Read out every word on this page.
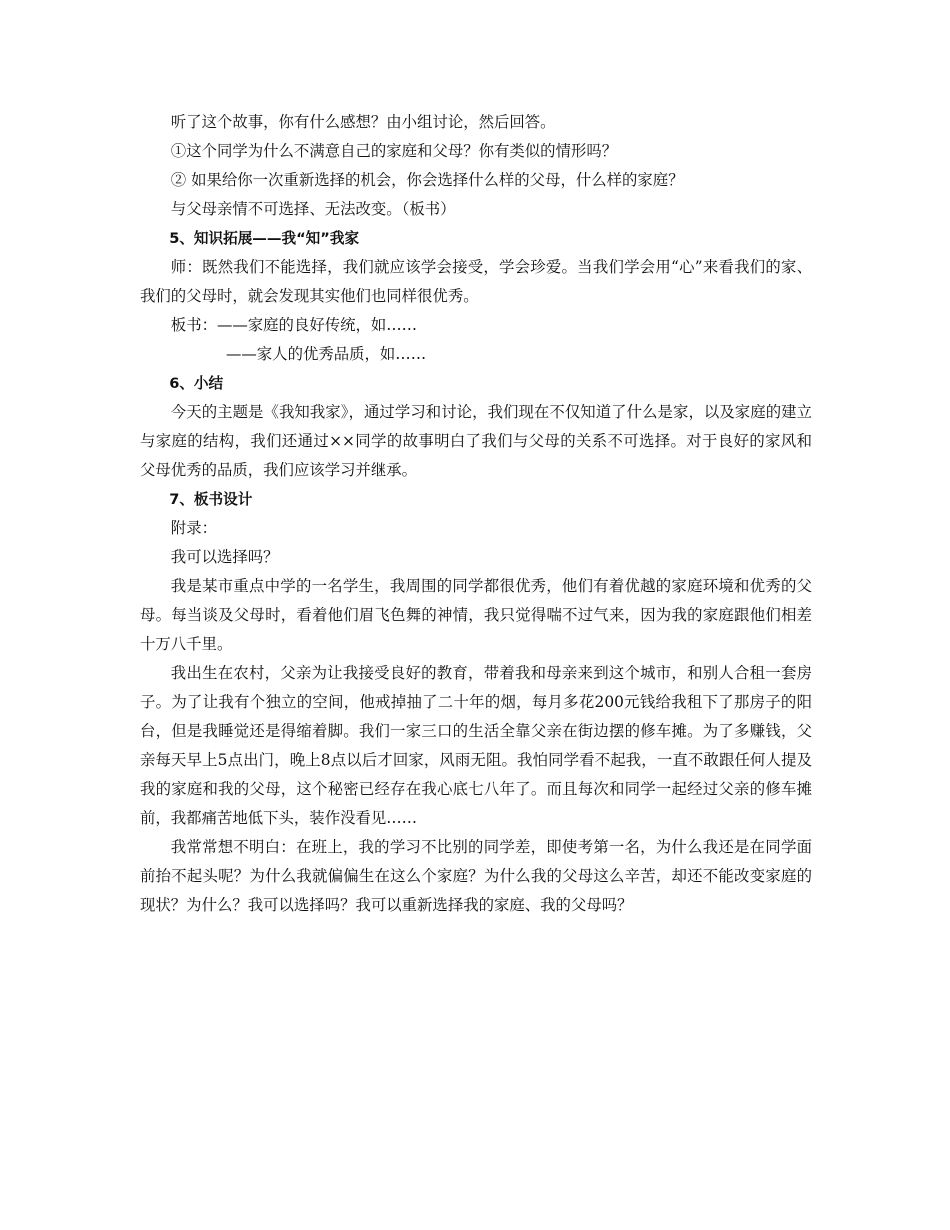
听了这个故事，你有什么感想？由小组讨论，然后回答。

①这个同学为什么不满意自己的家庭和父母？你有类似的情形吗？

② 如果给你一次重新选择的机会，你会选择什么样的父母，什么样的家庭？

与父母亲情不可选择、无法改变。（板书）

5、知识拓展——我“知”我家

师：既然我们不能选择，我们就应该学会接受，学会珍爱。当我们学会用“心”来看我们的家、我们的父母时，就会发现其实他们也同样很优秀。

板书：——家庭的良好传统，如……

——家人的优秀品质，如……

6、小结

今天的主题是《我知我家》，通过学习和讨论，我们现在不仅知道了什么是家，以及家庭的建立与家庭的结构，我们还通过××同学的故事明白了我们与父母的关系不可选择。对于良好的家风和父母优秀的品质，我们应该学习并继承。

7、板书设计

附录：

我可以选择吗？

我是某市重点中学的一名学生，我周围的同学都很优秀，他们有着优越的家庭环境和优秀的父母。每当谈及父母时，看着他们眉飞色舞的神情，我只觉得喘不过气来，因为我的家庭跟他们相差十万八千里。

我出生在农村，父亲为让我接受良好的教育，带着我和母亲来到这个城市，和别人合租一套房子。为了让我有个独立的空间，他戒掉抽了二十年的烟，每月多花200元钱给我租下了那房子的阳台，但是我睡觉还是得缩着脚。我们一家三口的生活全靠父亲在街边摆的修车摊。为了多赚钱，父亲每天早上5点出门，晚上8点以后才回家，风雨无阻。我怕同学看不起我，一直不敢跟任何人提及我的家庭和我的父母，这个秘密已经存在我心底七八年了。而且每次和同学一起经过父亲的修车摊前，我都痛苦地低下头，装作没看见……

我常常想不明白：在班上，我的学习不比别的同学差，即使考第一名，为什么我还是在同学面前抬不起头呢？为什么我就偏偏生在这么个家庭？为什么我的父母这么辛苦，却还不能改变家庭的现状？为什么？我可以选择吗？我可以重新选择我的家庭、我的父母吗？
